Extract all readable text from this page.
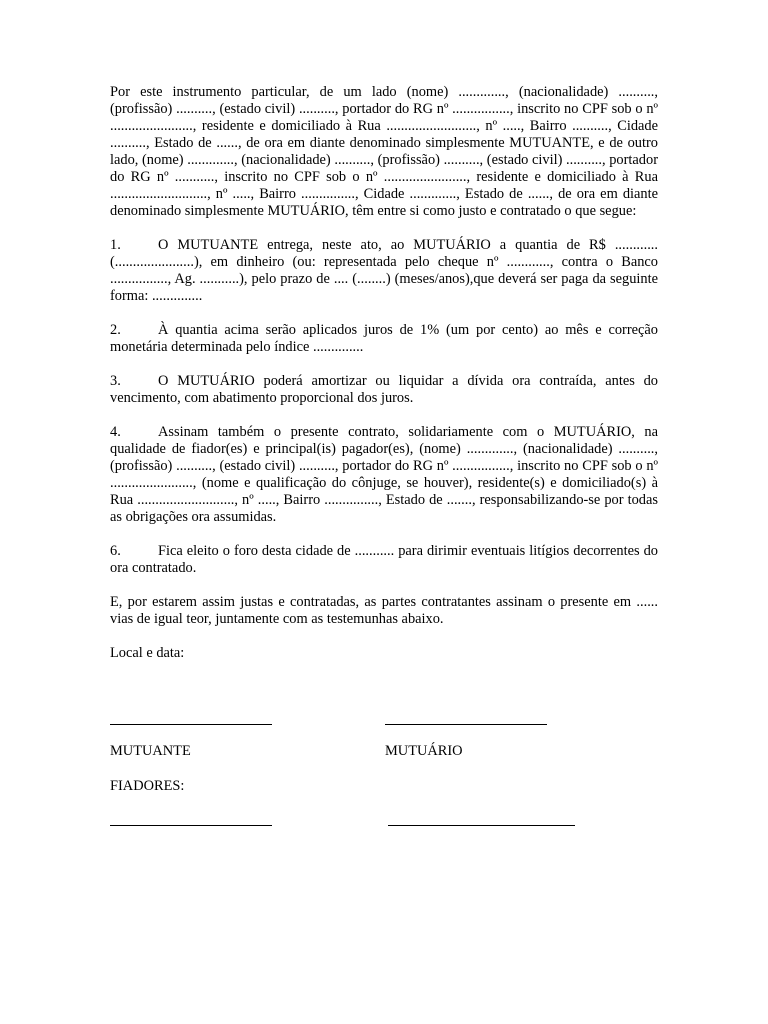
Por este instrumento particular, de um lado (nome) ............., (nacionalidade) .........., (profissão) .........., (estado civil) .........., portador do RG nº ................, inscrito no CPF sob o nº ......................., residente e domiciliado à Rua ........................., nº ....., Bairro .........., Cidade .........., Estado de ......, de ora em diante denominado simplesmente MUTUANTE, e de outro lado, (nome) ............., (nacionalidade) .........., (profissão) .........., (estado civil) .........., portador do RG nº ..........., inscrito no CPF sob o nº ......................., residente e domiciliado à Rua ..........................., nº ....., Bairro ..............., Cidade ............., Estado de ......, de ora em diante denominado simplesmente MUTUÁRIO, têm entre si como justo e contratado o que segue:

1.	O MUTUANTE entrega, neste ato, ao MUTUÁRIO a quantia de R$ ............ (......................), em dinheiro (ou: representada pelo cheque nº ............, contra o Banco ................, Ag. ...........), pelo prazo de .... (........) (meses/anos),que deverá ser paga da seguinte forma: ..............

2.	À quantia acima serão aplicados juros de 1% (um por cento) ao mês e correção monetária determinada pelo índice ..............

3.	O MUTUÁRIO poderá amortizar ou liquidar a dívida ora contraída, antes do vencimento, com abatimento proporcional dos juros.

4.	Assinam também o presente contrato, solidariamente com o MUTUÁRIO, na qualidade de fiador(es) e principal(is) pagador(es), (nome) ............., (nacionalidade) .........., (profissão) .........., (estado civil) .........., portador do RG nº ................, inscrito no CPF sob o nº ......................., (nome e qualificação do cônjuge, se houver), residente(s) e domiciliado(s) à Rua ..........................., nº ....., Bairro ..............., Estado de ......., responsabilizando-se por todas as obrigações ora assumidas.

6.	Fica eleito o foro desta cidade de ........... para dirimir eventuais litígios decorrentes do ora contratado.

E, por estarem assim justas e contratadas, as partes contratantes assinam o presente em ...... vias de igual teor, juntamente com as testemunhas abaixo.

Local e data:

MUTUANTE	MUTUÁRIO
FIADORES:
